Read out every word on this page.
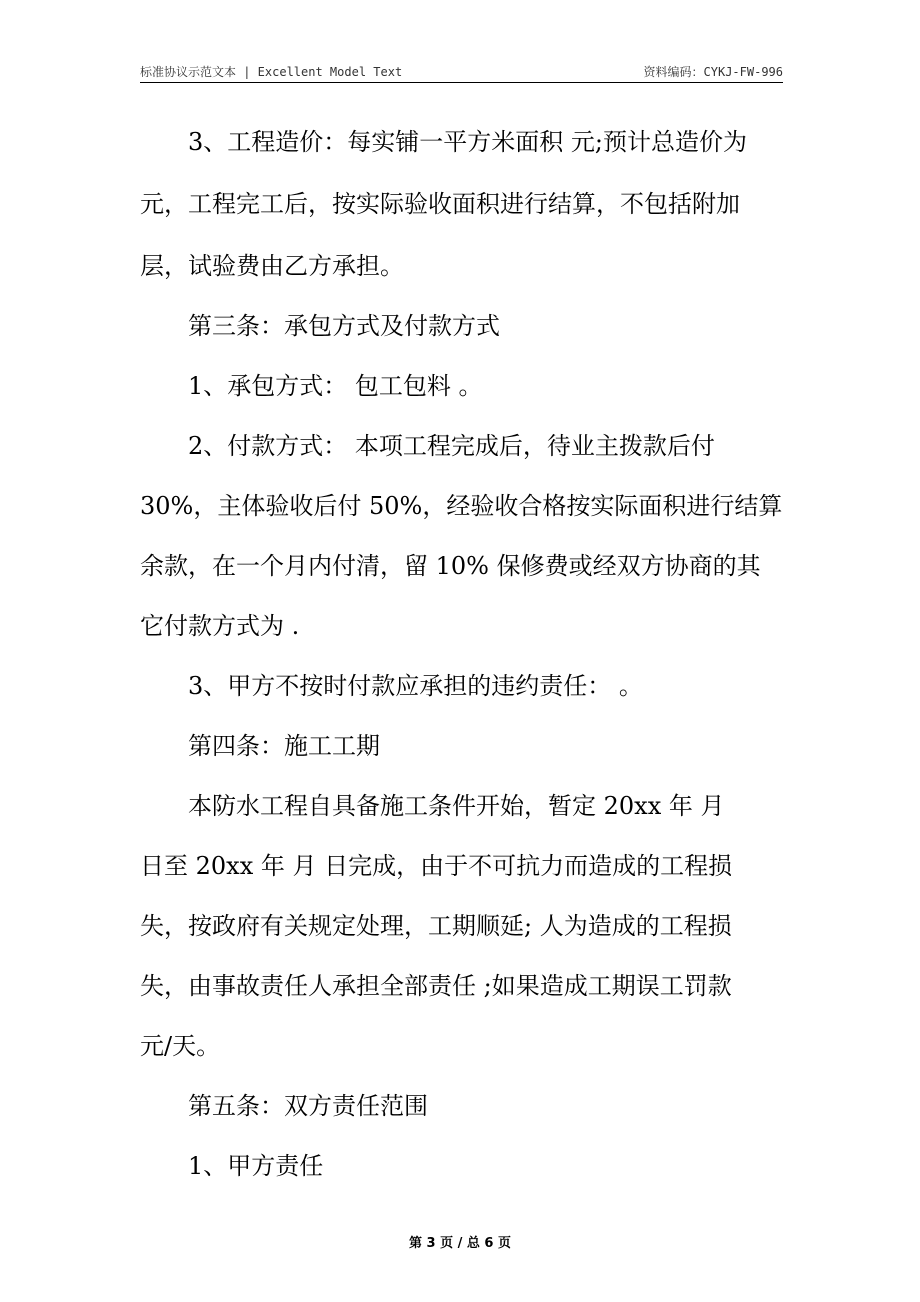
标准协议示范文本 | Excellent Model Text	资料编码：CYKJ-FW-996
3、工程造价：每实铺一平方米面积 元;预计总造价为
元，工程完工后，按实际验收面积进行结算，不包括附加
层，试验费由乙方承担。
第三条：承包方式及付款方式
1、承包方式： 包工包料 。
2、付款方式： 本项工程完成后，待业主拨款后付
30%，主体验收后付 50%，经验收合格按实际面积进行结算
余款，在一个月内付清，留 10% 保修费或经双方协商的其
它付款方式为 .
3、甲方不按时付款应承担的违约责任： 。
第四条：施工工期
本防水工程自具备施工条件开始，暂定 20xx 年 月
日至 20xx 年 月 日完成，由于不可抗力而造成的工程损
失，按政府有关规定处理，工期顺延; 人为造成的工程损
失，由事故责任人承担全部责任 ;如果造成工期误工罚款
元/天。
第五条：双方责任范围
1、甲方责任
第 3 页 / 总 6 页
